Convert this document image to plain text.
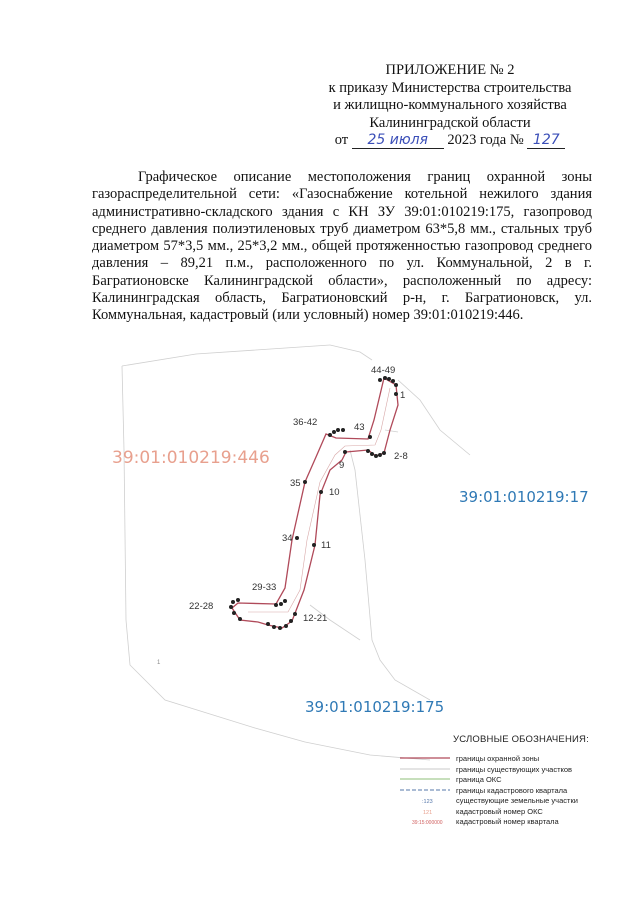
ПРИЛОЖЕНИЕ № 2
к приказу Министерства строительства
и жилищно-коммунального хозяйства
Калининградской области
от 25 июля 2023 года № 127
Графическое описание местоположения границ охранной зоны газораспределительной сети: «Газоснабжение котельной нежилого здания административно-складского здания с КН ЗУ 39:01:010219:175, газопровод среднего давления полиэтиленовых труб диаметром 63*5,8 мм., стальных труб диаметром 57*3,5 мм., 25*3,2 мм., общей протяженностью газопровод среднего давления – 89,21 п.м., расположенного по ул. Коммунальной, 2 в г. Багратионовске Калининградской области», расположенный по адресу: Калининградская область, Багратионовский р-н, г. Багратионовск, ул. Коммунальная, кадастровый (или условный) номер 39:01:010219:446.
44-49
1
36-42	43
2-8
9
35
10
34
11
29-33
22-28
12-21
1
39:01:010219:446
39:01:010219:17
39:01:010219:175
УСЛОВНЫЕ ОБОЗНАЧЕНИЯ:
границы охранной зоны
границы существующих участков
граница ОКС
границы кадастрового квартала
:123	существующие земельные участки
121	кадастровый номер ОКС
39:15:000000 кадастровый номер квартала
